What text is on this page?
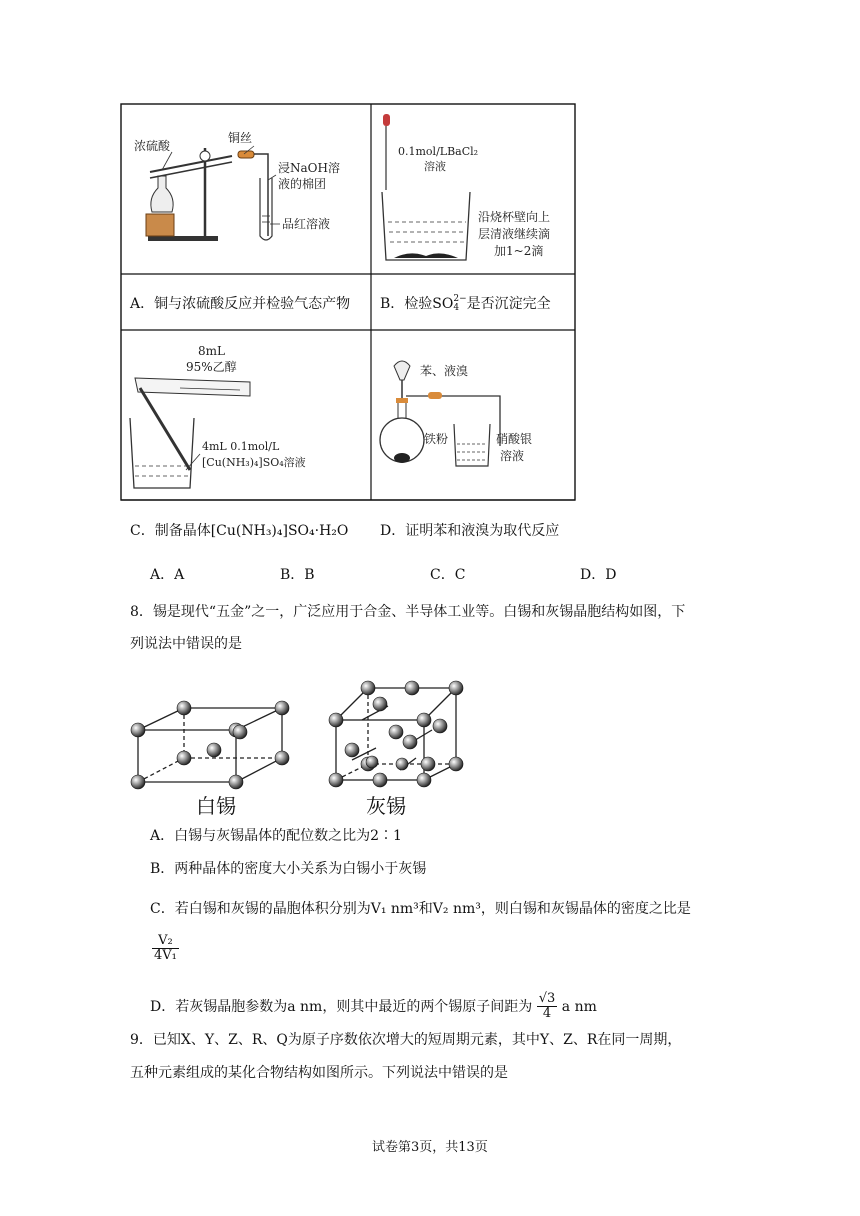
浓硫酸
铜丝
浸NaOH溶
液的棉团
品红溶液
0.1mol/LBaCl₂
溶液
沿烧杯壁向上
层清液继续滴
加1~2滴
8mL
95%乙醇
4mL 0.1mol/L
[Cu(NH₃)₄]SO₄溶液
苯、液溴
铁粉	硝酸银
溶液
A．铜与浓硫酸反应并检验气态产物 B．检验SO 2−
4 是否沉淀完全
C．制备晶体[Cu(NH₃)₄]SO₄·H₂O D．证明苯和液溴为取代反应
A．A	B．B	C．C	D．D
8．锡是现代“五金”之一，广泛应用于合金、半导体工业等。白锡和灰锡晶胞结构如图，下
列说法中错误的是
白锡	灰锡
A．白锡与灰锡晶体的配位数之比为2∶1
B．两种晶体的密度大小关系为白锡小于灰锡
C．若白锡和灰锡的晶胞体积分别为V₁ nm³和V₂ nm³，则白锡和灰锡晶体的密度之比是
$\frac{\text{V₂}}{\text{4V₁}}$
D．若灰锡晶胞参数为a nm，则其中最近的两个锡原子间距为 $\frac{√3}{4}$ a nm
9．已知X、Y、Z、R、Q为原子序数依次增大的短周期元素，其中Y、Z、R在同一周期，
五种元素组成的某化合物结构如图所示。下列说法中错误的是
试卷第3页，共13页
